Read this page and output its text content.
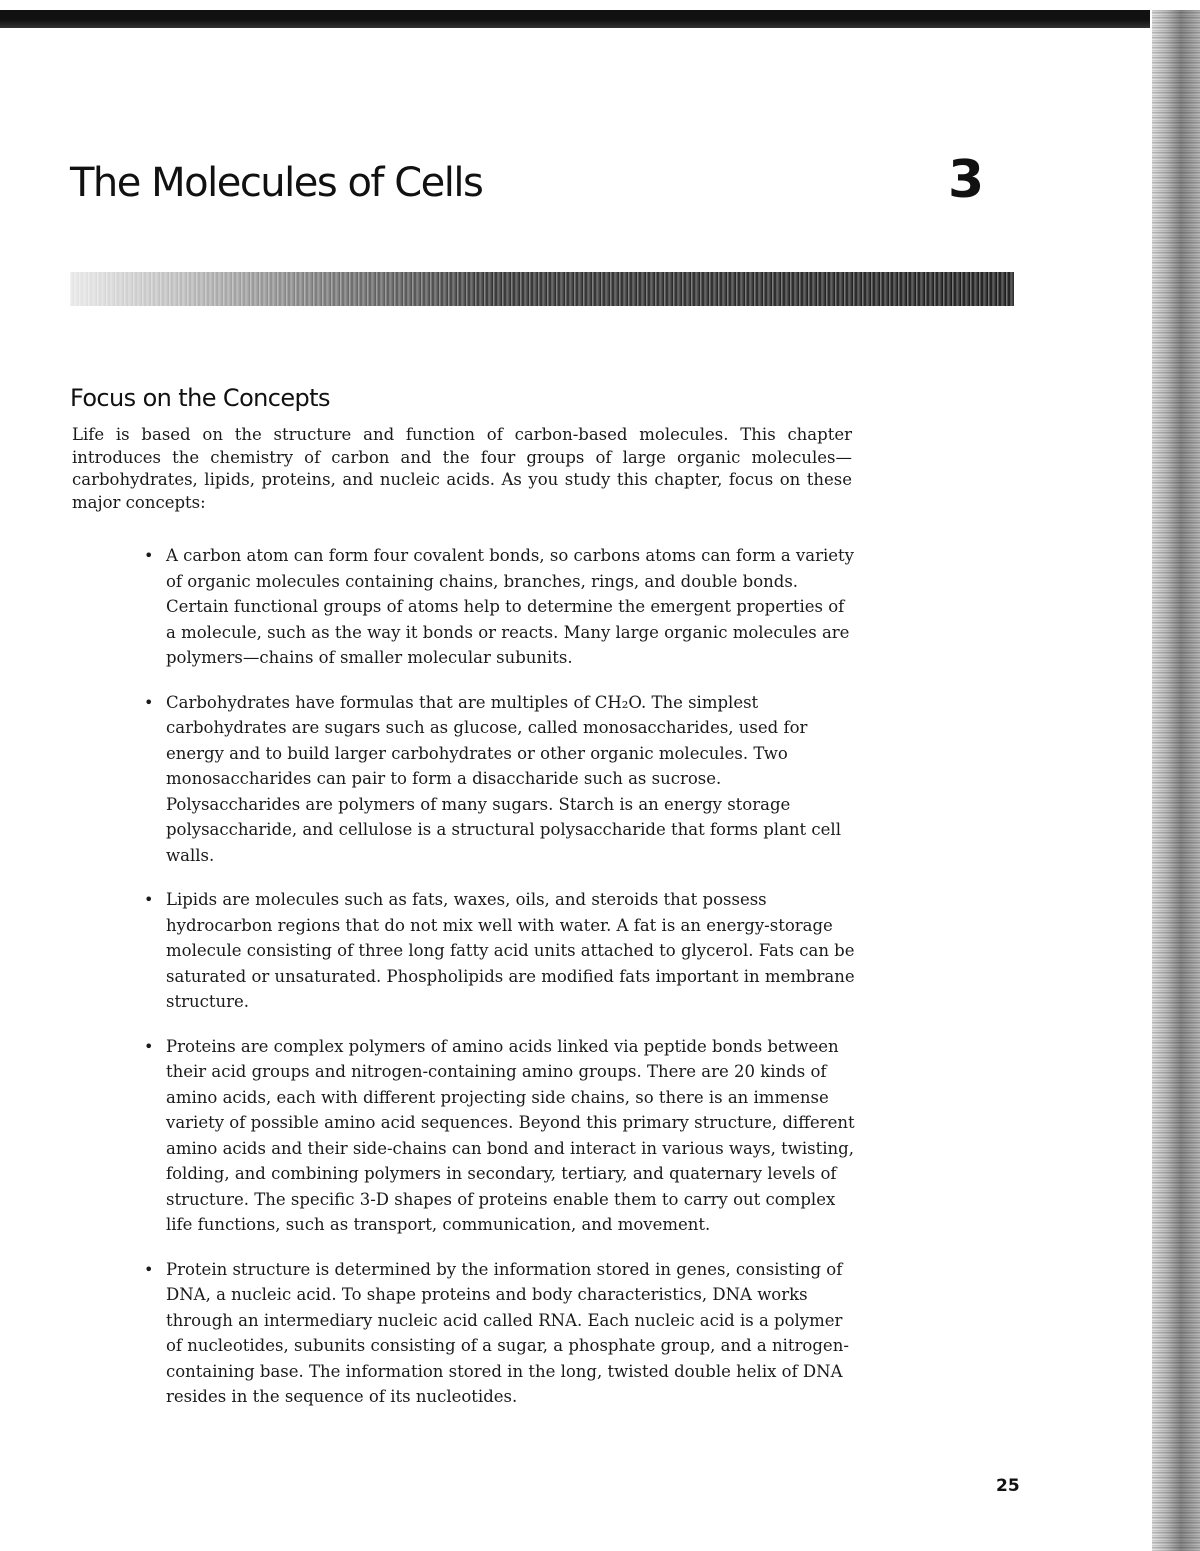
The Molecules of Cells	3
Focus on the Concepts

Life is based on the structure and function of carbon-based molecules. This chapter introduces the chemistry of carbon and the four groups of large organic molecules—carbohydrates, lipids, proteins, and nucleic acids. As you study this chapter, focus on these major concepts:

• A carbon atom can form four covalent bonds, so carbons atoms can form a variety of organic molecules containing chains, branches, rings, and double bonds. Certain functional groups of atoms help to determine the emergent properties of a molecule, such as the way it bonds or reacts. Many large organic molecules are polymers—chains of smaller molecular subunits.
• Carbohydrates have formulas that are multiples of CH₂O. The simplest carbohydrates are sugars such as glucose, called monosaccharides, used for energy and to build larger carbohydrates or other organic molecules. Two monosaccharides can pair to form a disaccharide such as sucrose. Polysaccharides are polymers of many sugars. Starch is an energy storage polysaccharide, and cellulose is a structural polysaccharide that forms plant cell walls.
• Lipids are molecules such as fats, waxes, oils, and steroids that possess hydrocarbon regions that do not mix well with water. A fat is an energy-storage molecule consisting of three long fatty acid units attached to glycerol. Fats can be saturated or unsaturated. Phospholipids are modified fats important in membrane structure.
• Proteins are complex polymers of amino acids linked via peptide bonds between their acid groups and nitrogen-containing amino groups. There are 20 kinds of amino acids, each with different projecting side chains, so there is an immense variety of possible amino acid sequences. Beyond this primary structure, different amino acids and their side-chains can bond and interact in various ways, twisting, folding, and combining polymers in secondary, tertiary, and quaternary levels of structure. The specific 3-D shapes of proteins enable them to carry out complex life functions, such as transport, communication, and movement.
• Protein structure is determined by the information stored in genes, consisting of DNA, a nucleic acid. To shape proteins and body characteristics, DNA works through an intermediary nucleic acid called RNA. Each nucleic acid is a polymer of nucleotides, subunits consisting of a sugar, a phosphate group, and a nitrogen-containing base. The information stored in the long, twisted double helix of DNA resides in the sequence of its nucleotides.
25
